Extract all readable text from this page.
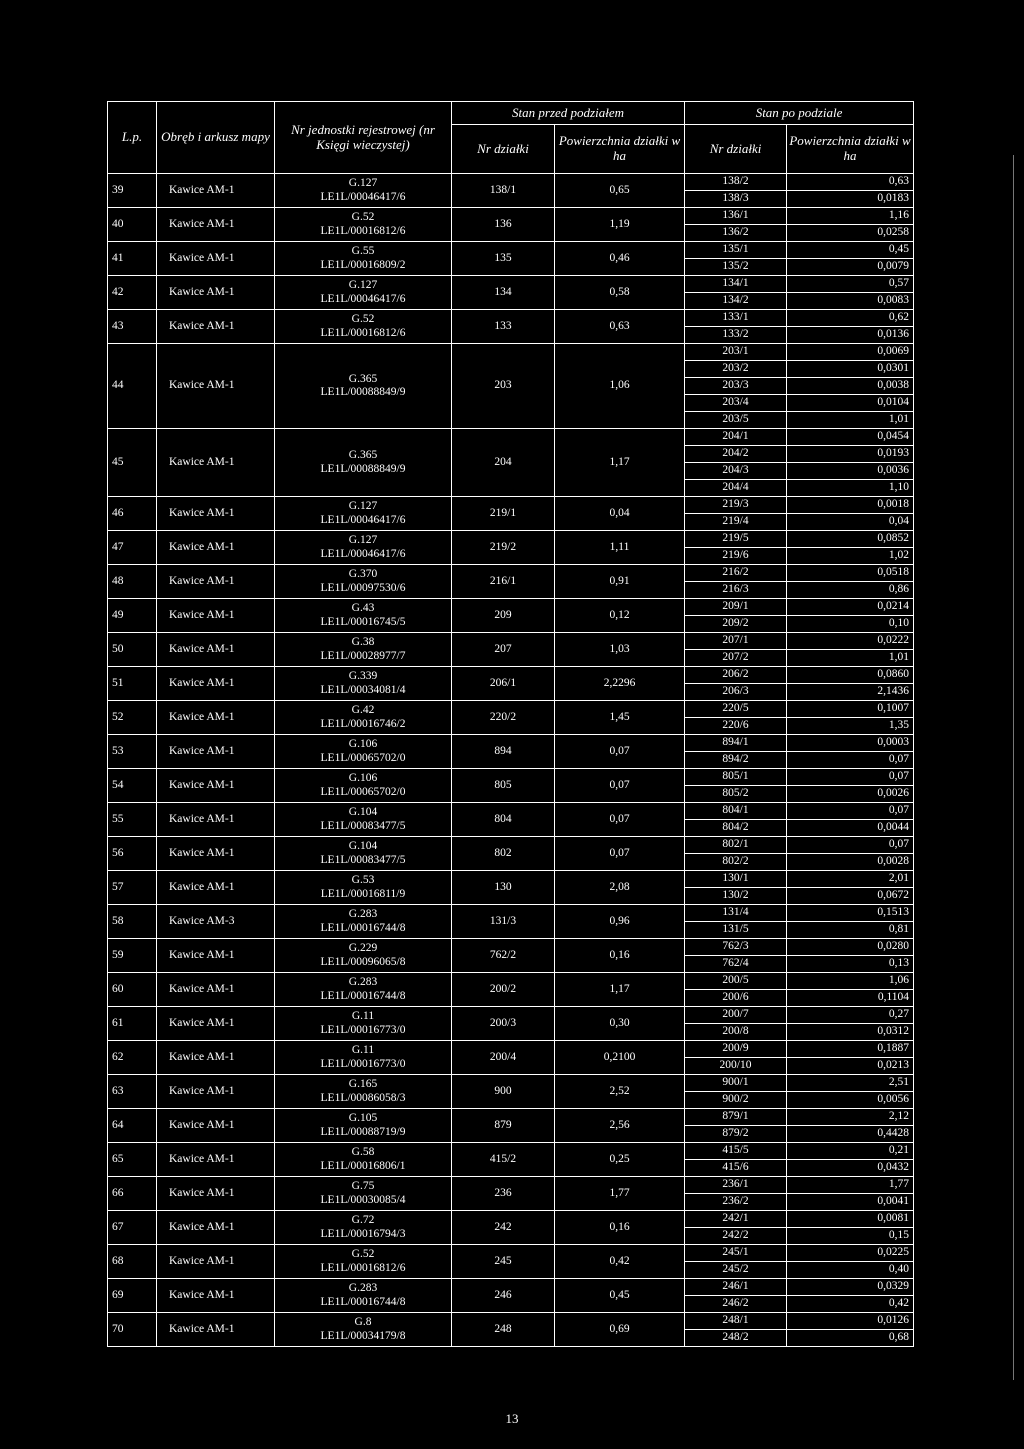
L.p.	Obręb i arkusz mapy	Nr jednostki rejestrowej (nr Księgi wieczystej)	Stan przed podziałem		Stan po podziale	
			Nr działki	Powierzchnia działki w ha	Nr działki	Powierzchnia działki w ha
39	Kawice AM-1	G.127
LE1L/00046417/6	138/1	0,65	138/2	0,63
					138/3	0,0183
40	Kawice AM-1	G.52
LE1L/00016812/6	136	1,19	136/1	1,16
					136/2	0,0258
41	Kawice AM-1	G.55
LE1L/00016809/2	135	0,46	135/1	0,45
					135/2	0,0079
42	Kawice AM-1	G.127
LE1L/00046417/6	134	0,58	134/1	0,57
					134/2	0,0083
43	Kawice AM-1	G.52
LE1L/00016812/6	133	0,63	133/1	0,62
					133/2	0,0136
44	Kawice AM-1	G.365
LE1L/00088849/9	203	1,06	203/1	0,0069
					203/2	0,0301
					203/3	0,0038
					203/4	0,0104
					203/5	1,01
45	Kawice AM-1	G.365
LE1L/00088849/9	204	1,17	204/1	0,0454
					204/2	0,0193
					204/3	0,0036
					204/4	1,10
46	Kawice AM-1	G.127
LE1L/00046417/6	219/1	0,04	219/3	0,0018
					219/4	0,04
47	Kawice AM-1	G.127
LE1L/00046417/6	219/2	1,11	219/5	0,0852
					219/6	1,02
48	Kawice AM-1	G.370
LE1L/00097530/6	216/1	0,91	216/2	0,0518
					216/3	0,86
49	Kawice AM-1	G.43
LE1L/00016745/5	209	0,12	209/1	0,0214
					209/2	0,10
50	Kawice AM-1	G.38
LE1L/00028977/7	207	1,03	207/1	0,0222
					207/2	1,01
51	Kawice AM-1	G.339
LE1L/00034081/4	206/1	2,2296	206/2	0,0860
					206/3	2,1436
52	Kawice AM-1	G.42
LE1L/00016746/2	220/2	1,45	220/5	0,1007
					220/6	1,35
53	Kawice AM-1	G.106
LE1L/00065702/0	894	0,07	894/1	0,0003
					894/2	0,07
54	Kawice AM-1	G.106
LE1L/00065702/0	805	0,07	805/1	0,07
					805/2	0,0026
55	Kawice AM-1	G.104
LE1L/00083477/5	804	0,07	804/1	0,07
					804/2	0,0044
56	Kawice AM-1	G.104
LE1L/00083477/5	802	0,07	802/1	0,07
					802/2	0,0028
57	Kawice AM-1	G.53
LE1L/00016811/9	130	2,08	130/1	2,01
					130/2	0,0672
58	Kawice AM-3	G.283
LE1L/00016744/8	131/3	0,96	131/4	0,1513
					131/5	0,81
59	Kawice AM-1	G.229
LE1L/00096065/8	762/2	0,16	762/3	0,0280
					762/4	0,13
60	Kawice AM-1	G.283
LE1L/00016744/8	200/2	1,17	200/5	1,06
					200/6	0,1104
61	Kawice AM-1	G.11
LE1L/00016773/0	200/3	0,30	200/7	0,27
					200/8	0,0312
62	Kawice AM-1	G.11
LE1L/00016773/0	200/4	0,2100	200/9	0,1887
					200/10	0,0213
63	Kawice AM-1	G.165
LE1L/00086058/3	900	2,52	900/1	2,51
					900/2	0,0056
64	Kawice AM-1	G.105
LE1L/00088719/9	879	2,56	879/1	2,12
					879/2	0,4428
65	Kawice AM-1	G.58
LE1L/00016806/1	415/2	0,25	415/5	0,21
					415/6	0,0432
66	Kawice AM-1	G.75
LE1L/00030085/4	236	1,77	236/1	1,77
					236/2	0,0041
67	Kawice AM-1	G.72
LE1L/00016794/3	242	0,16	242/1	0,0081
					242/2	0,15
68	Kawice AM-1	G.52
LE1L/00016812/6	245	0,42	245/1	0,0225
					245/2	0,40
69	Kawice AM-1	G.283
LE1L/00016744/8	246	0,45	246/1	0,0329
					246/2	0,42
70	Kawice AM-1	G.8
LE1L/00034179/8	248	0,69	248/1	0,0126
					248/2	0,68
13
